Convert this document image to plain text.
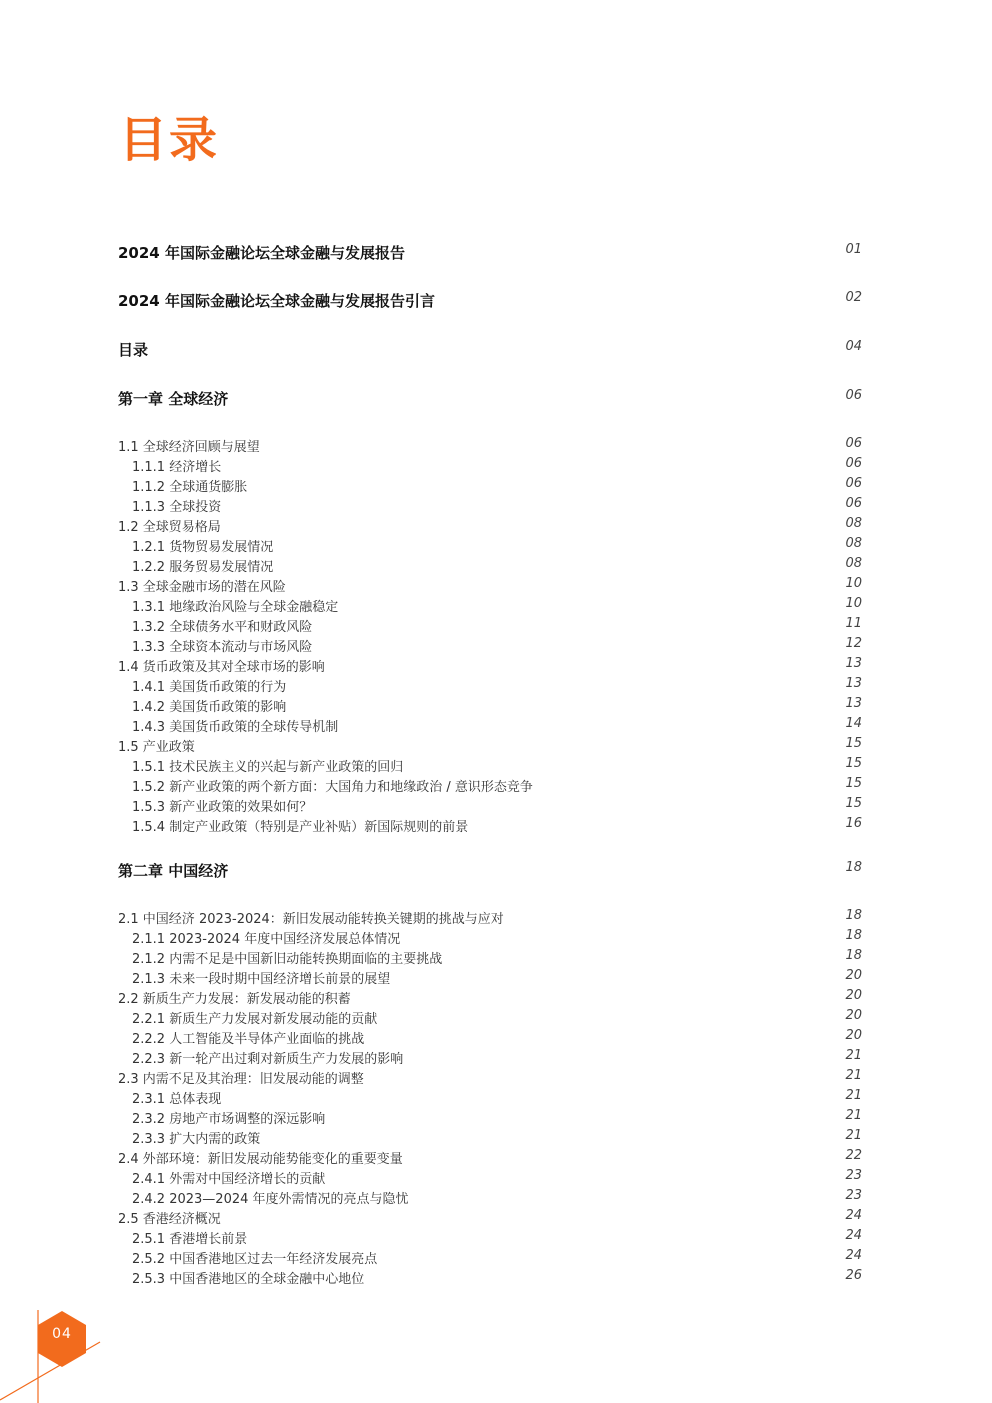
目录
2024 年国际金融论坛全球金融与发展报告	01
2024 年国际金融论坛全球金融与发展报告引言	02
目录	04
第一章 全球经济	06
1.1 全球经济回顾与展望	06
1.1.1 经济增长	06
1.1.2 全球通货膨胀	06
1.1.3 全球投资	06
1.2 全球贸易格局	08
1.2.1 货物贸易发展情况	08
1.2.2 服务贸易发展情况	08
1.3 全球金融市场的潜在风险	10
1.3.1 地缘政治风险与全球金融稳定	10
1.3.2 全球债务水平和财政风险	11
1.3.3 全球资本流动与市场风险	12
1.4 货币政策及其对全球市场的影响	13
1.4.1 美国货币政策的行为	13
1.4.2 美国货币政策的影响	13
1.4.3 美国货币政策的全球传导机制	14
1.5 产业政策	15
1.5.1 技术民族主义的兴起与新产业政策的回归	15
1.5.2 新产业政策的两个新方面：大国角力和地缘政治 / 意识形态竞争	15
1.5.3 新产业政策的效果如何？	15
1.5.4 制定产业政策（特别是产业补贴）新国际规则的前景	16
第二章 中国经济	18
2.1 中国经济 2023-2024：新旧发展动能转换关键期的挑战与应对	18
2.1.1 2023-2024 年度中国经济发展总体情况	18
2.1.2 内需不足是中国新旧动能转换期面临的主要挑战	18
2.1.3 未来一段时期中国经济增长前景的展望	20
2.2 新质生产力发展：新发展动能的积蓄	20
2.2.1 新质生产力发展对新发展动能的贡献	20
2.2.2 人工智能及半导体产业面临的挑战	20
2.2.3 新一轮产出过剩对新质生产力发展的影响	21
2.3 内需不足及其治理：旧发展动能的调整	21
2.3.1 总体表现	21
2.3.2 房地产市场调整的深远影响	21
2.3.3 扩大内需的政策	21
2.4 外部环境：新旧发展动能势能变化的重要变量	22
2.4.1 外需对中国经济增长的贡献	23
2.4.2 2023—2024 年度外需情况的亮点与隐忧	23
2.5 香港经济概况	24
2.5.1 香港增长前景	24
2.5.2 中国香港地区过去一年经济发展亮点	24
2.5.3 中国香港地区的全球金融中心地位	26
04
